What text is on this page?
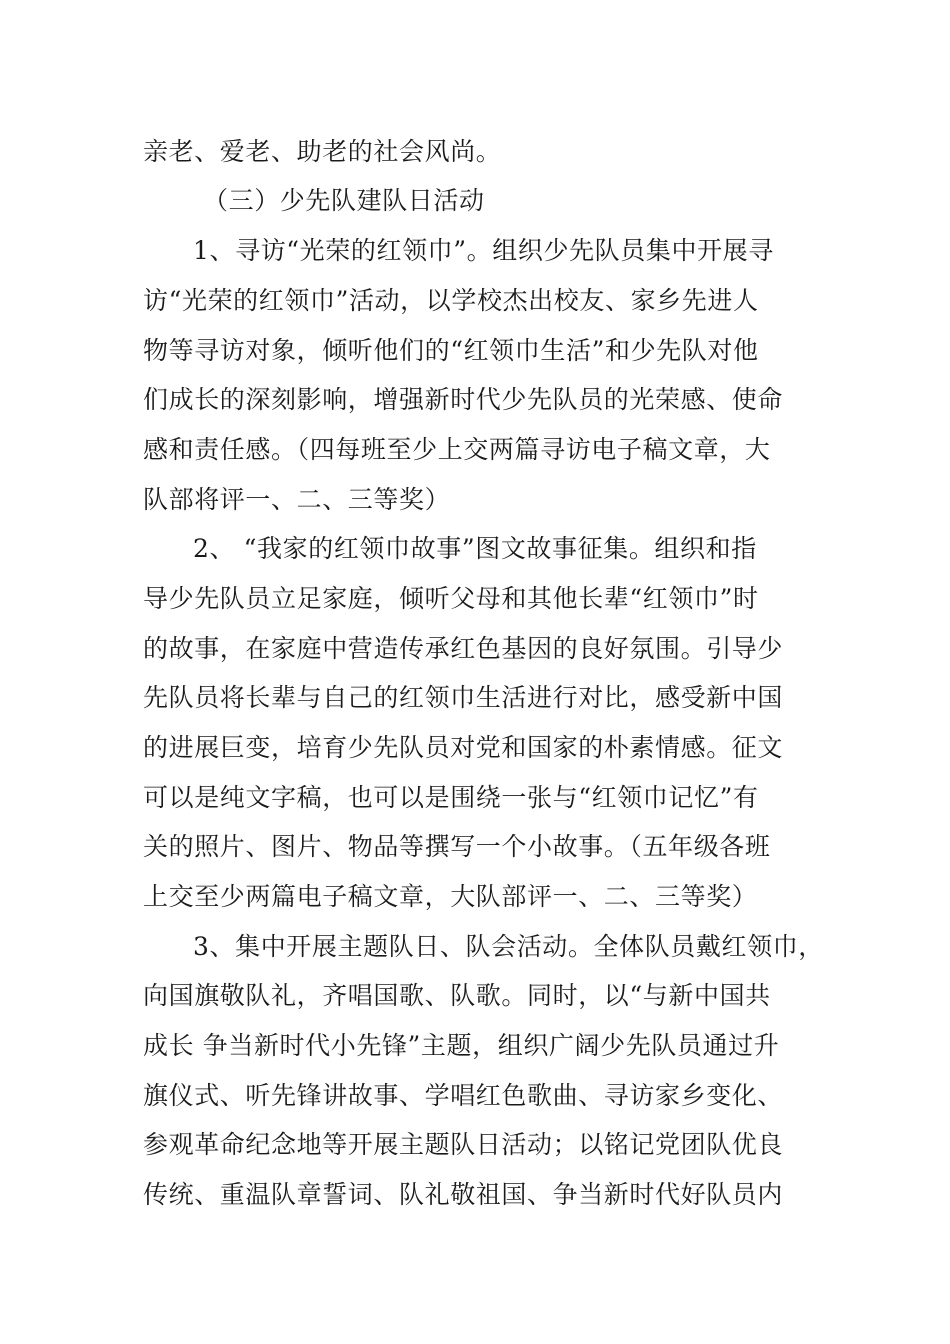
亲老、爱老、助老的社会风尚。
（三）少先队建队日活动
1、寻访“光荣的红领巾”。组织少先队员集中开展寻
访“光荣的红领巾”活动，以学校杰出校友、家乡先进人
物等寻访对象，倾听他们的“红领巾生活”和少先队对他
们成长的深刻影响，增强新时代少先队员的光荣感、使命
感和责任感。（四每班至少上交两篇寻访电子稿文章，大
队部将评一、二、三等奖）
2、 “我家的红领巾故事”图文故事征集。组织和指
导少先队员立足家庭，倾听父母和其他长辈“红领巾”时
的故事，在家庭中营造传承红色基因的良好氛围。引导少
先队员将长辈与自己的红领巾生活进行对比，感受新中国
的进展巨变，培育少先队员对党和国家的朴素情感。征文
可以是纯文字稿，也可以是围绕一张与“红领巾记忆”有
关的照片、图片、物品等撰写一个小故事。（五年级各班
上交至少两篇电子稿文章，大队部评一、二、三等奖）
3、集中开展主题队日、队会活动。全体队员戴红领巾，
向国旗敬队礼，齐唱国歌、队歌。同时，以“与新中国共
成长 争当新时代小先锋”主题，组织广阔少先队员通过升
旗仪式、听先锋讲故事、学唱红色歌曲、寻访家乡变化、
参观革命纪念地等开展主题队日活动；以铭记党团队优良
传统、重温队章誓词、队礼敬祖国、争当新时代好队员内
